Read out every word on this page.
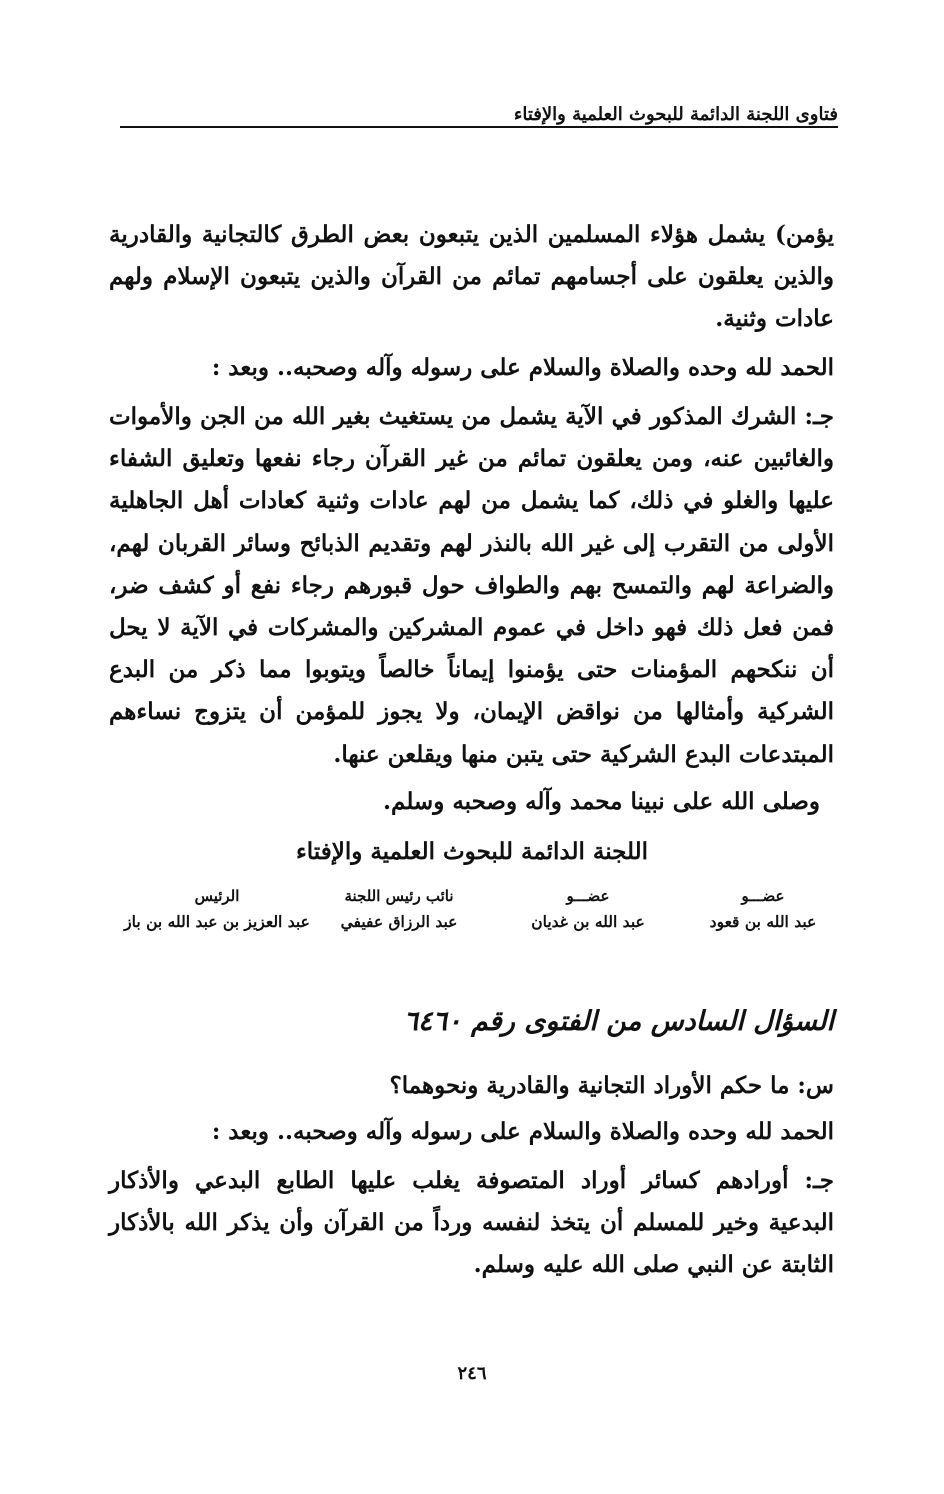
فتاوى اللجنة الدائمة للبحوث العلمية والإفتاء
يؤمن) يشمل هؤلاء المسلمين الذين يتبعون بعض الطرق كالتجانية والقادرية والذين يعلقون على أجسامهم تمائم من القرآن والذين يتبعون الإسلام ولهم عادات وثنية.
الحمد لله وحده والصلاة والسلام على رسوله وآله وصحبه.. وبعد :
جـ: الشرك المذكور في الآية يشمل من يستغيث بغير الله من الجن والأموات والغائبين عنه، ومن يعلقون تمائم من غير القرآن رجاء نفعها وتعليق الشفاء عليها والغلو في ذلك، كما يشمل من لهم عادات وثنية كعادات أهل الجاهلية الأولى من التقرب إلى غير الله بالنذر لهم وتقديم الذبائح وسائر القربان لهم، والضراعة لهم والتمسح بهم والطواف حول قبورهم رجاء نفع أو كشف ضر، فمن فعل ذلك فهو داخل في عموم المشركين والمشركات في الآية لا يحل أن ننكحهم المؤمنات حتى يؤمنوا إيماناً خالصاً ويتوبوا مما ذكر من البدع الشركية وأمثالها من نواقض الإيمان، ولا يجوز للمؤمن أن يتزوج نساءهم المبتدعات البدع الشركية حتى يتبن منها ويقلعن عنها.
وصلى الله على نبينا محمد وآله وصحبه وسلم.
اللجنة الدائمة للبحوث العلمية والإفتاء
عضـــو
عبد الله بن قعود
عضـــو
عبد الله بن غديان
نائب رئيس اللجنة
عبد الرزاق عفيفي
الرئيس
عبد العزيز بن عبد الله بن باز
السؤال السادس من الفتوى رقم ٦٤٦٠
س: ما حكم الأوراد التجانية والقادرية ونحوهما؟
الحمد لله وحده والصلاة والسلام على رسوله وآله وصحبه.. وبعد :
جـ: أورادهم كسائر أوراد المتصوفة يغلب عليها الطابع البدعي والأذكار البدعية وخير للمسلم أن يتخذ لنفسه ورداً من القرآن وأن يذكر الله بالأذكار الثابتة عن النبي صلى الله عليه وسلم.
٢٤٦
